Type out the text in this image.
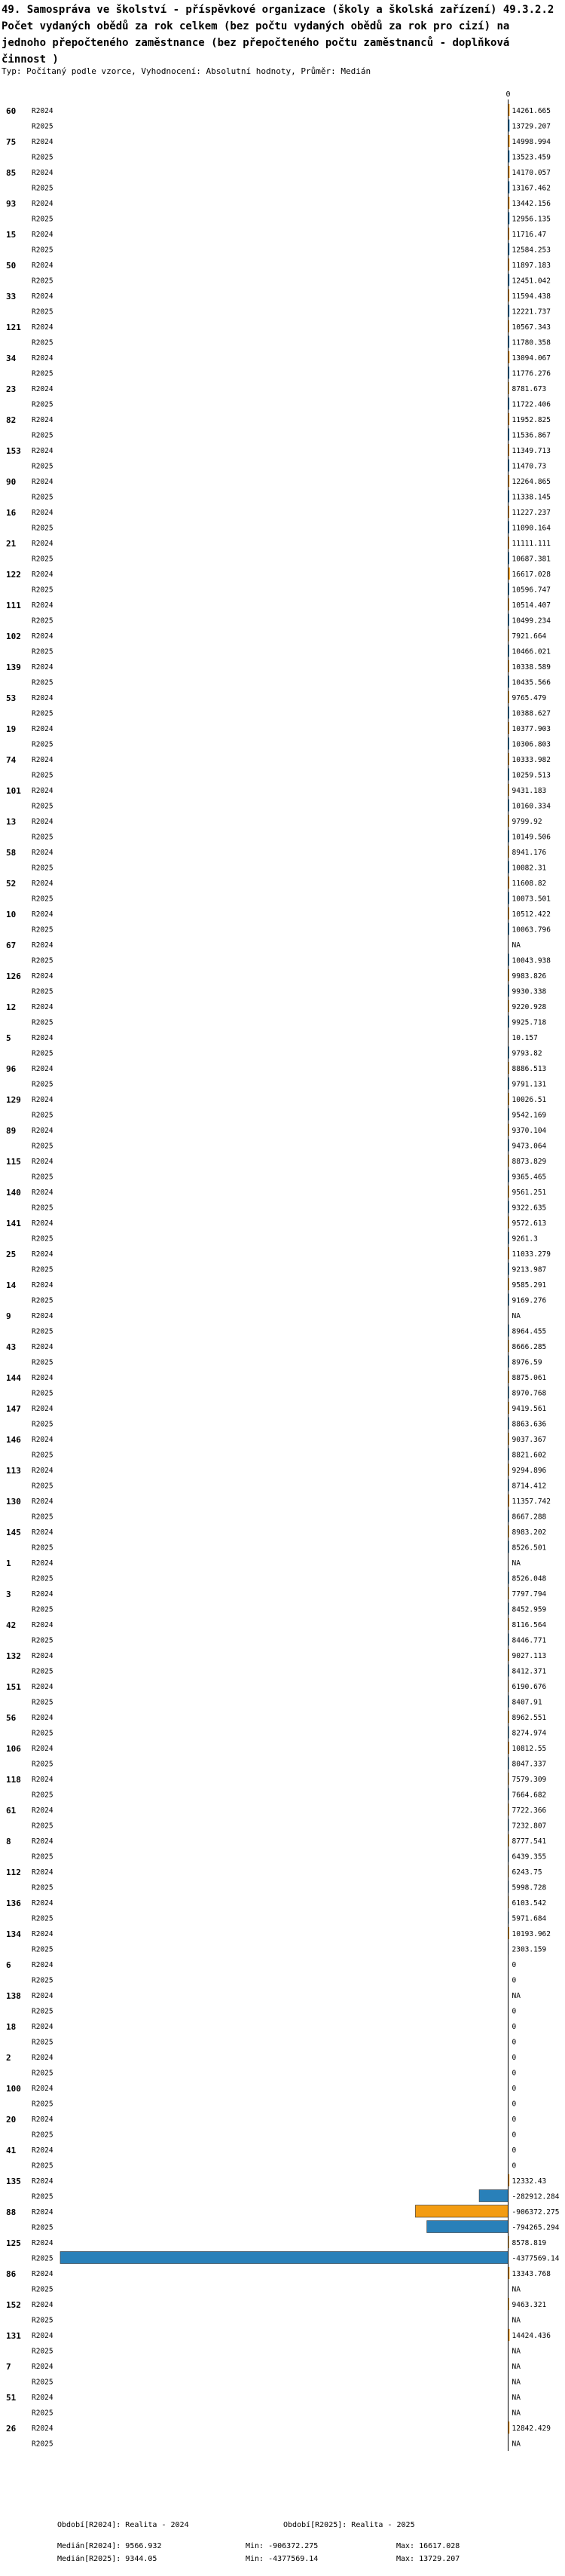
49. Samospráva ve školství - příspěvkové organizace (školy a školská zařízení) 49.3.2.2 Počet vydaných obědů za rok celkem (bez počtu vydaných obědů za rok pro cizí) na jednoho přepočteného zaměstnance (bez přepočteného počtu zaměstnanců - doplňková činnost )
Typ: Počítaný podle vzorce, Vyhodnocení: Absolutní hodnoty, Průměr: Medián
0
60 R2024	14261.665
R2025	13729.207
75 R2024	14998.994
R2025	13523.459
85 R2024	14170.057
R2025	13167.462
93 R2024	13442.156
R2025	12956.135
15 R2024	11716.47
R2025	12584.253
50 R2024	11897.183
R2025	12451.042
33 R2024	11594.438
R2025	12221.737
121 R2024	10567.343
R2025	11780.358
34 R2024	13094.067
R2025	11776.276
23 R2024	8781.673
R2025	11722.406
82 R2024	11952.825
R2025	11536.867
153 R2024	11349.713
R2025	11470.73
90 R2024	12264.865
R2025	11338.145
16 R2024	11227.237
R2025	11090.164
21 R2024	11111.111
R2025	10687.381
122 R2024	16617.028
R2025	10596.747
111 R2024	10514.407
R2025	10499.234
102 R2024	7921.664
R2025	10466.021
139 R2024	10338.589
R2025	10435.566
53 R2024	9765.479
R2025	10388.627
19 R2024	10377.903
R2025	10306.803
74 R2024	10333.982
R2025	10259.513
101 R2024	9431.183
R2025	10160.334
13 R2024	9799.92
R2025	10149.506
58 R2024	8941.176
R2025	10082.31
52 R2024	11608.82
R2025	10073.501
10 R2024	10512.422
R2025	10063.796
67 R2024	NA
R2025	10043.938
126 R2024	9983.826
R2025	9930.338
12 R2024	9220.928
R2025	9925.718
5	R2024	10.157
R2025	9793.82
96 R2024	8886.513
R2025	9791.131
129 R2024	10026.51
R2025	9542.169
89 R2024	9370.104
R2025	9473.064
115 R2024	8873.829
R2025	9365.465
140 R2024	9561.251
R2025	9322.635
141 R2024	9572.613
R2025	9261.3
25 R2024	11033.279
R2025	9213.987
14 R2024	9585.291
R2025	9169.276
9	R2024	NA
R2025	8964.455
43 R2024	8666.285
R2025	8976.59
144 R2024	8875.061
R2025	8970.768
147 R2024	9419.561
R2025	8863.636
146 R2024	9037.367
R2025	8821.602
113 R2024	9294.896
R2025	8714.412
130 R2024	11357.742
R2025	8667.288
145 R2024	8983.202
R2025	8526.501
1	R2024	NA
R2025	8526.048
3	R2024	7797.794
R2025	8452.959
42 R2024	8116.564
R2025	8446.771
132 R2024	9027.113
R2025	8412.371
151 R2024	6190.676
R2025	8407.91
56 R2024	8962.551
R2025	8274.974
106 R2024	10812.55
R2025	8047.337
118 R2024	7579.309
R2025	7664.682
61 R2024	7722.366
R2025	7232.807
8	R2024	8777.541
R2025	6439.355
112 R2024	6243.75
R2025	5998.728
136 R2024	6103.542
R2025	5971.684
134 R2024	10193.962
R2025	2303.159
6	R2024	0
R2025	0
138 R2024	NA
R2025	0
18 R2024	0
R2025	0
2	R2024	0
R2025	0
100 R2024	0
R2025	0
20 R2024	0
R2025	0
41 R2024	0
R2025	0
135 R2024	12332.43
R2025	-282912.284
88 R2024	-906372.275
R2025	-794265.294
125 R2024	8578.819
R2025	-4377569.14
86 R2024	13343.768
R2025	NA
152 R2024	9463.321
R2025	NA
131 R2024	14424.436
R2025	NA
7	R2024	NA
R2025	NA
51 R2024	NA
R2025	NA
26 R2024	12842.429
R2025	NA
Období[R2024]: Realita - 2024	Období[R2025]: Realita - 2025
Medián[R2024]: 9566.932	Min: -906372.275	Max: 16617.028
Medián[R2025]: 9344.05	Min: -4377569.14	Max: 13729.207
